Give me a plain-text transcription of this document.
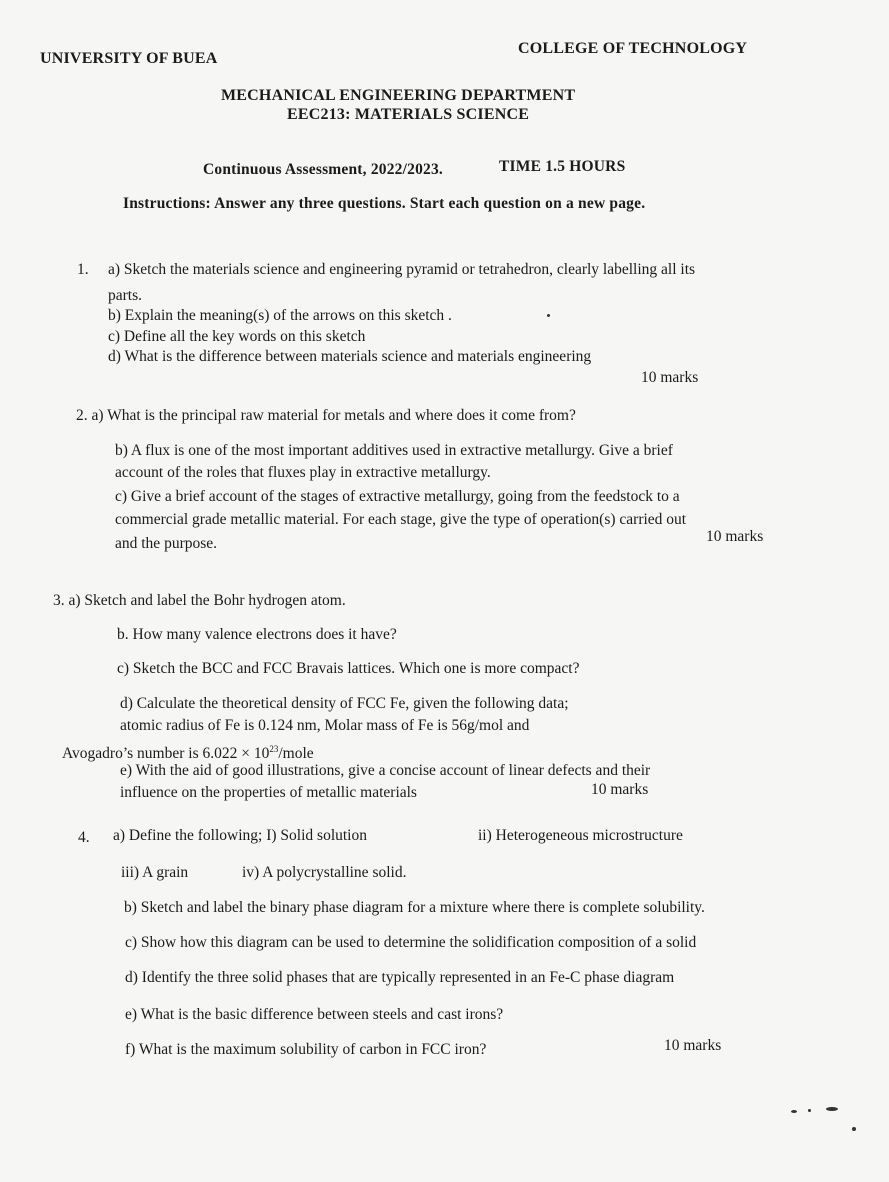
UNIVERSITY OF BUEA
COLLEGE OF TECHNOLOGY
MECHANICAL ENGINEERING DEPARTMENT
EEC213: MATERIALS SCIENCE
Continuous Assessment, 2022/2023.	TIME 1.5 HOURS
Instructions: Answer any three questions. Start each question on a new page.
1. a) Sketch the materials science and engineering pyramid or tetrahedron, clearly labelling all its
parts.
b) Explain the meaning(s) of the arrows on this sketch .
c) Define all the key words on this sketch
d) What is the difference between materials science and materials engineering
10 marks
2. a) What is the principal raw material for metals and where does it come from?
b) A flux is one of the most important additives used in extractive metallurgy. Give a brief
account of the roles that fluxes play in extractive metallurgy.
c) Give a brief account of the stages of extractive metallurgy, going from the feedstock to a
commercial grade metallic material. For each stage, give the type of operation(s) carried out
and the purpose.	10 marks
3. a) Sketch and label the Bohr hydrogen atom.
b. How many valence electrons does it have?
c) Sketch the BCC and FCC Bravais lattices. Which one is more compact?
d) Calculate the theoretical density of FCC Fe, given the following data;
atomic radius of Fe is 0.124 nm, Molar mass of Fe is 56g/mol and
Avogadro’s number is $6.022 \times 10^{23}$/mole
e) With the aid of good illustrations, give a concise account of linear defects and their
influence on the properties of metallic materials	10 marks
4. a) Define the following; I) Solid solution	ii) Heterogeneous microstructure
iii) A grain	iv) A polycrystalline solid.
b) Sketch and label the binary phase diagram for a mixture where there is complete solubility.
c) Show how this diagram can be used to determine the solidification composition of a solid
d) Identify the three solid phases that are typically represented in an Fe-C phase diagram
e) What is the basic difference between steels and cast irons?
f) What is the maximum solubility of carbon in FCC iron?	10 marks
